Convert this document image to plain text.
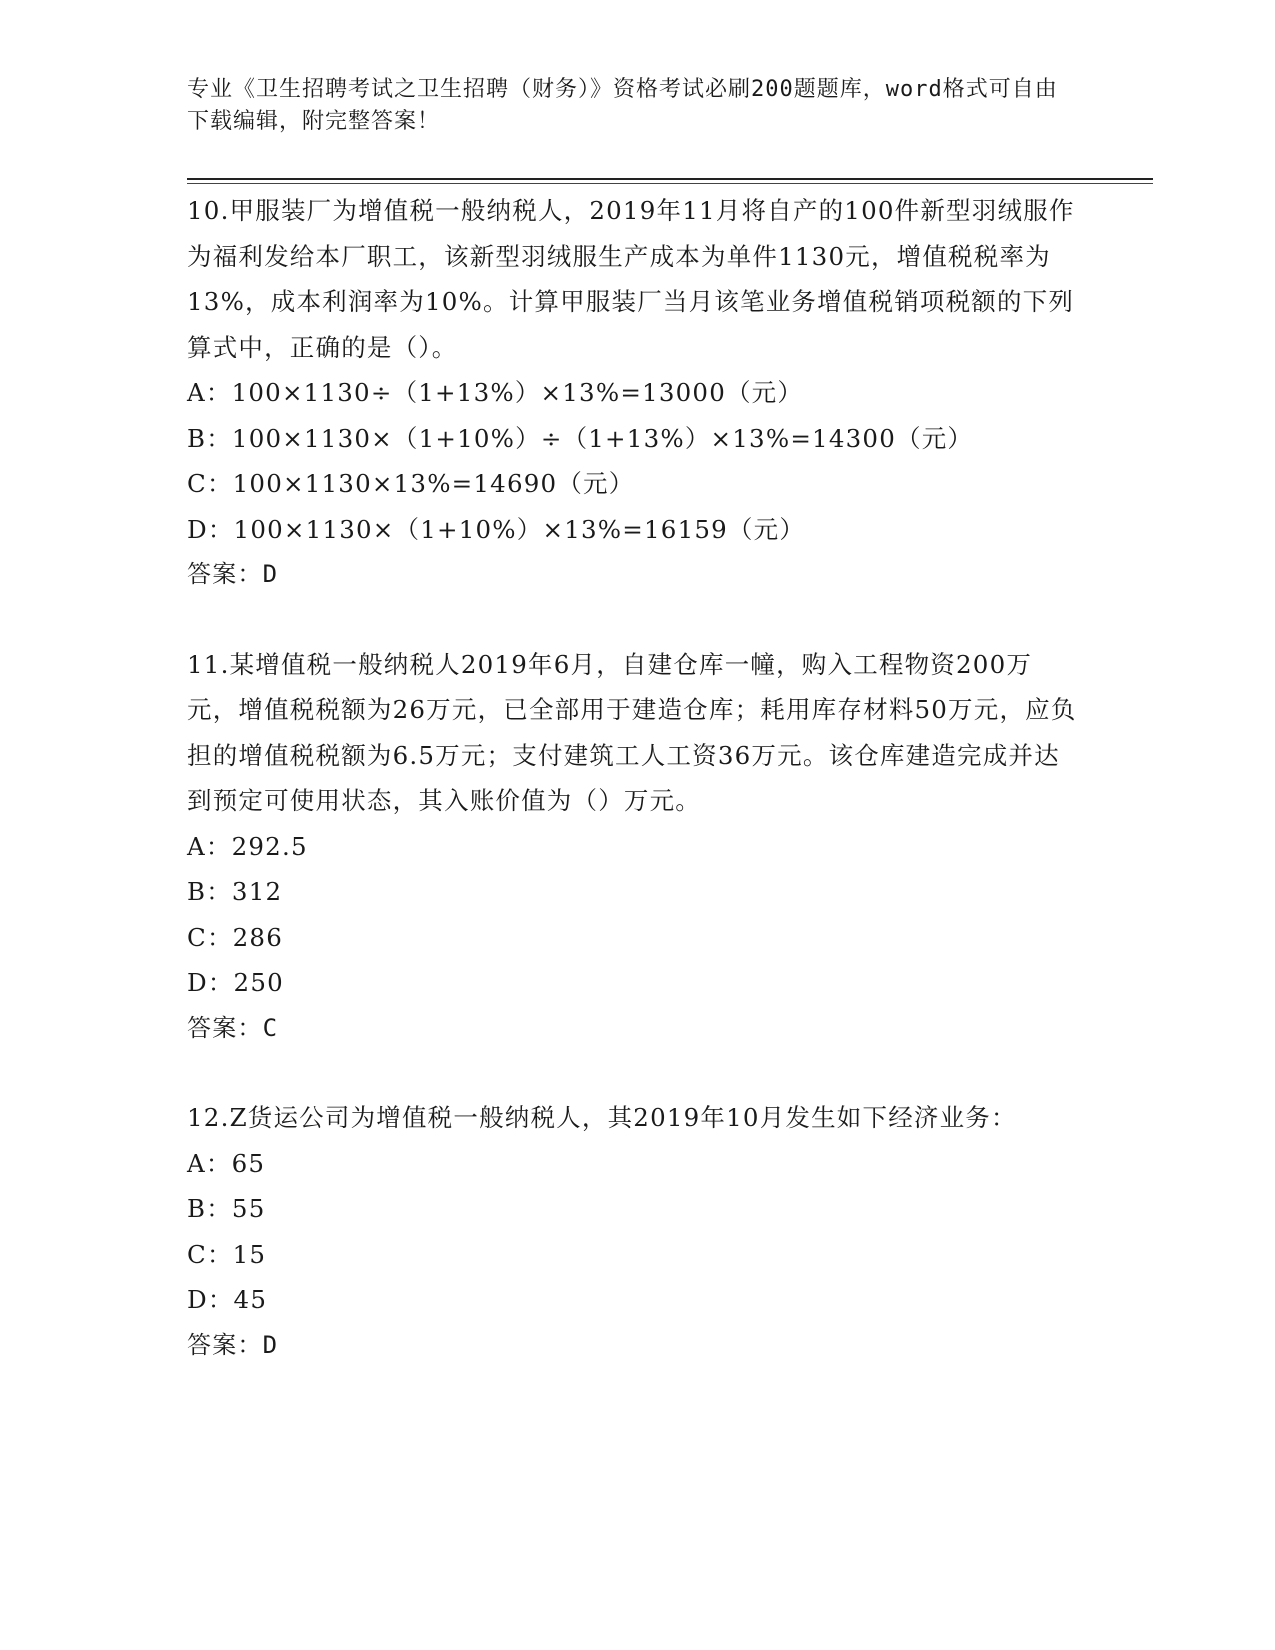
专业《卫生招聘考试之卫生招聘（财务）》资格考试必刷200题题库，word格式可自由下载编辑，附完整答案！

10.甲服装厂为增值税一般纳税人，2019年11月将自产的100件新型羽绒服作为福利发给本厂职工，该新型羽绒服生产成本为单件1130元，增值税税率为13%，成本利润率为10%。计算甲服装厂当月该笔业务增值税销项税额的下列算式中，正确的是（）。

A：100×1130÷（1+13%）×13%=13000（元）

B：100×1130×（1+10%）÷（1+13%）×13%=14300（元）

C：100×1130×13%=14690（元）

D：100×1130×（1+10%）×13%=16159（元）

答案：D

11.某增值税一般纳税人2019年6月，自建仓库一幢，购入工程物资200万元，增值税税额为26万元，已全部用于建造仓库；耗用库存材料50万元，应负担的增值税税额为6.5万元；支付建筑工人工资36万元。该仓库建造完成并达到预定可使用状态，其入账价值为（）万元。

A：292.5

B：312

C：286

D：250

答案：C

12.Z货运公司为增值税一般纳税人，其2019年10月发生如下经济业务：

A：65

B：55

C：15

D：45

答案：D
